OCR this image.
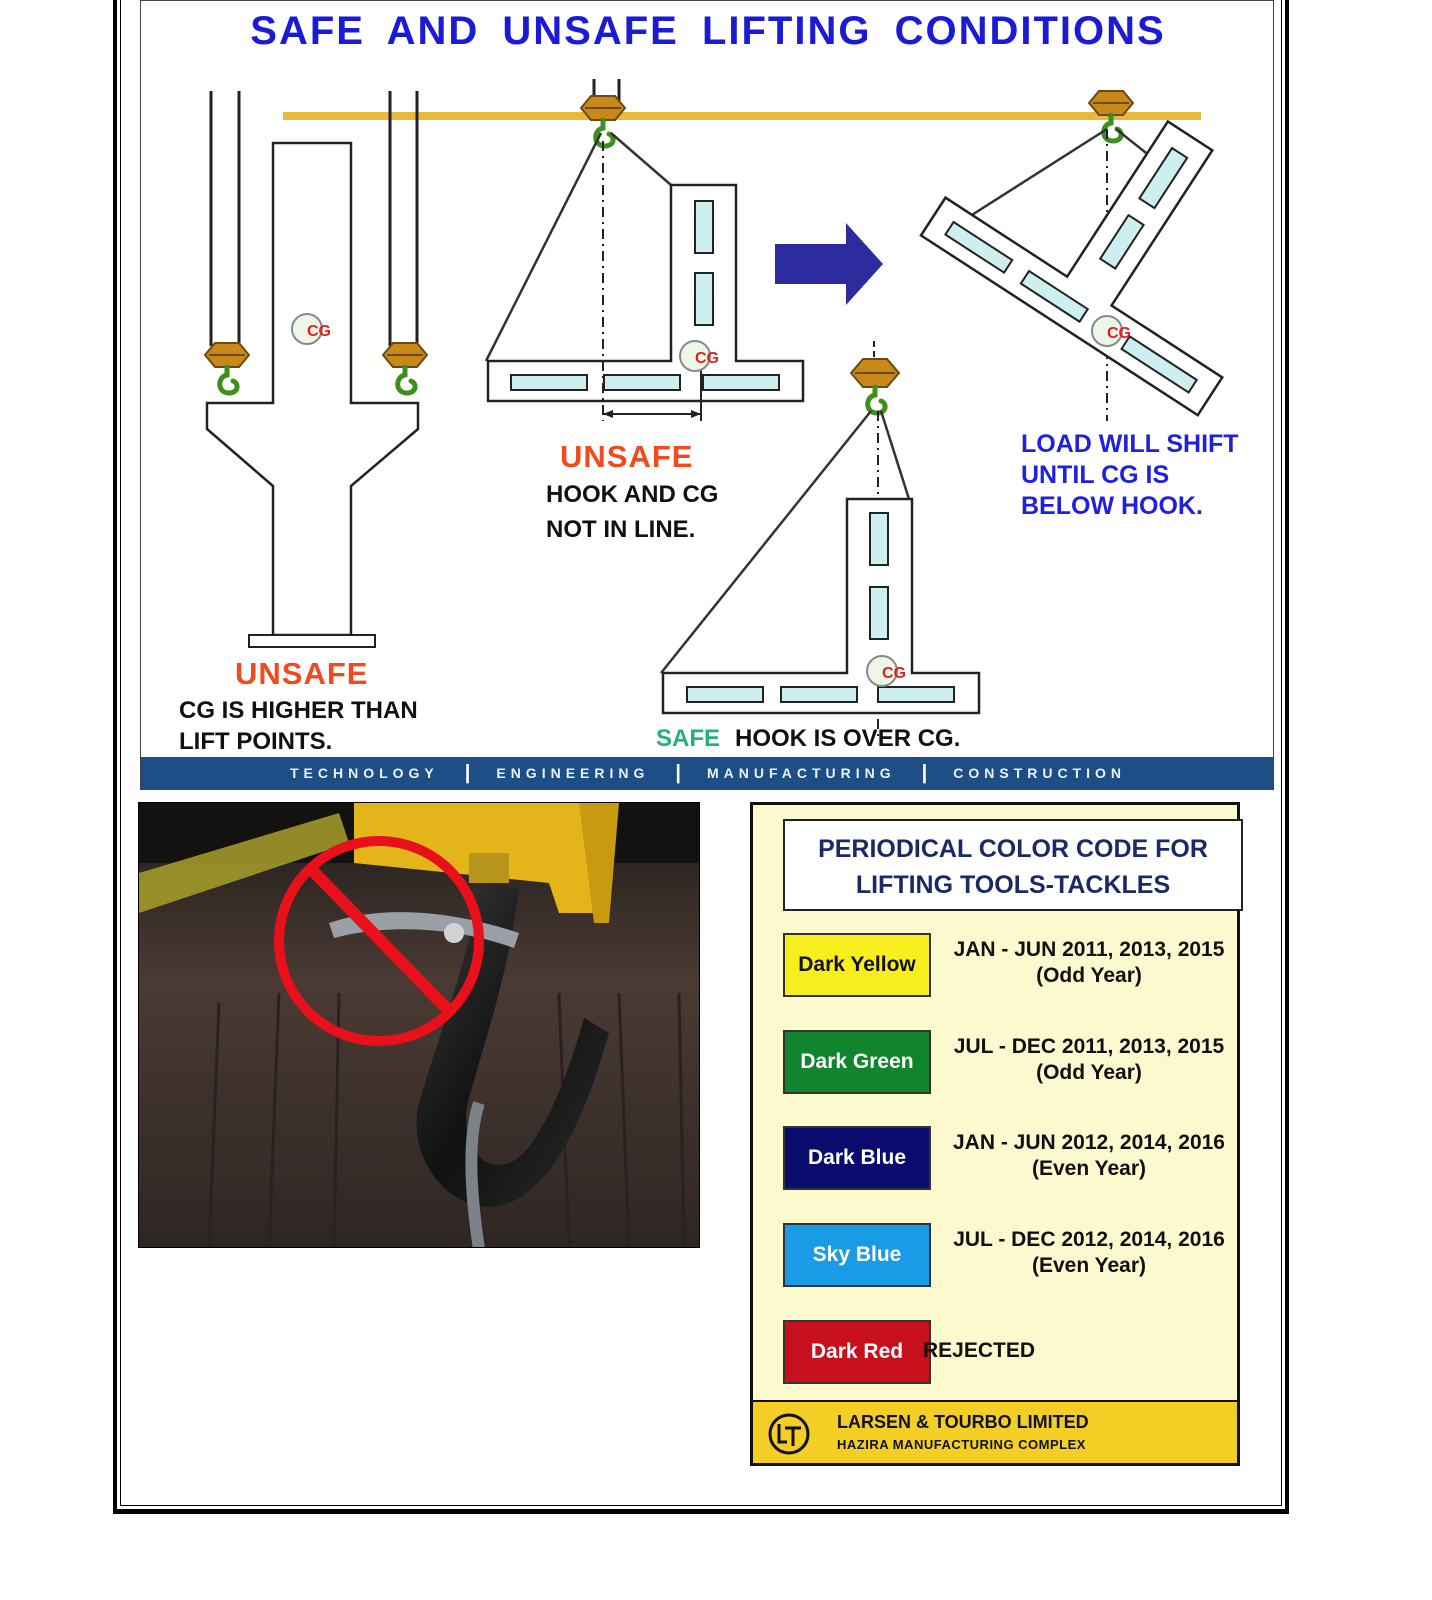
CG
CG
CG
CG
SAFE AND UNSAFE LIFTING CONDITIONS
UNSAFE
CG IS HIGHER THAN
LIFT POINTS.
UNSAFE
HOOK AND CG
NOT IN LINE.
SAFE HOOK IS OVER CG.
LOAD WILL SHIFT
UNTIL CG IS
BELOW HOOK.
TECHNOLOGY | ENGINEERING | MANUFACTURING | CONSTRUCTION
PERIODICAL COLOR CODE FOR
LIFTING TOOLS-TACKLES
Dark Yellow
JAN - JUN 2011, 2013, 2015
(Odd Year)
Dark Green
JUL - DEC 2011, 2013, 2015
(Odd Year)
Dark Blue
JAN - JUN 2012, 2014, 2016
(Even Year)
Sky Blue
JUL - DEC 2012, 2014, 2016
(Even Year)
Dark Red REJECTED
LARSEN & TOURBO LIMITED
HAZIRA MANUFACTURING COMPLEX
